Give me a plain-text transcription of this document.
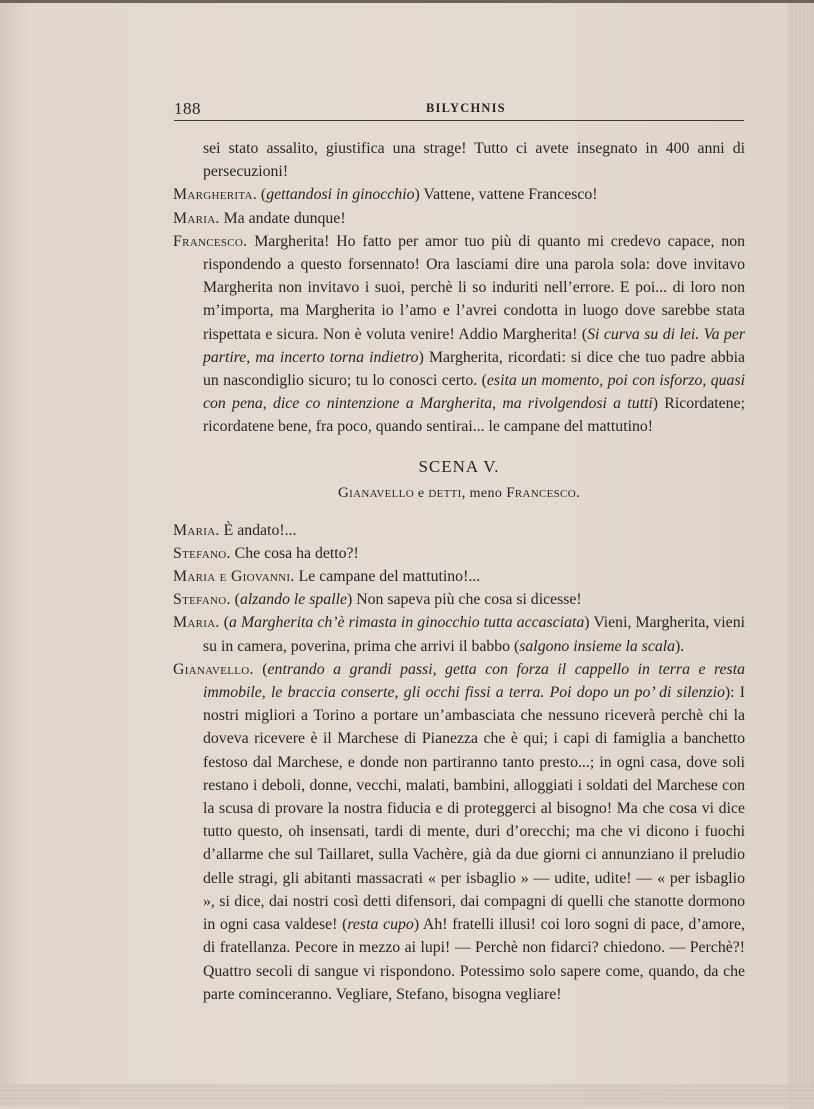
188	BILYCHNIS

sei stato assalito, giustifica una strage! Tutto ci avete insegnato in 400 anni di persecuzioni!

Margherita. (gettandosi in ginocchio) Vattene, vattene Francesco!

Maria. Ma andate dunque!

Francesco. Margherita! Ho fatto per amor tuo più di quanto mi credevo capace, non rispondendo a questo forsennato! Ora lasciami dire una parola sola: dove invitavo Margherita non invitavo i suoi, perchè li so induriti nell’errore. E poi... di loro non m’importa, ma Margherita io l’amo e l’avrei condotta in luogo dove sarebbe stata rispettata e sicura. Non è voluta venire! Addio Margherita! (Si curva su di lei. Va per partire, ma incerto torna indietro) Margherita, ricordati: si dice che tuo padre abbia un nascondiglio sicuro; tu lo conosci certo. (esita un momento, poi con isforzo, quasi con pena, dice co nintenzione a Margherita, ma rivolgendosi a tutti) Ricordatene; ricordatene bene, fra poco, quando sentirai... le campane del mattutino!

SCENA V.
Gianavello e detti, meno Francesco.

Maria. È andato!...

Stefano. Che cosa ha detto?!

Maria e Giovanni. Le campane del mattutino!...

Stefano. (alzando le spalle) Non sapeva più che cosa si dicesse!

Maria. (a Margherita ch’è rimasta in ginocchio tutta accasciata) Vieni, Margherita, vieni su in camera, poverina, prima che arrivi il babbo (salgono insieme la scala).

Gianavello. (entrando a grandi passi, getta con forza il cappello in terra e resta immobile, le braccia conserte, gli occhi fissi a terra. Poi dopo un po’ di silenzio): I nostri migliori a Torino a portare un’ambasciata che nessuno riceverà perchè chi la doveva ricevere è il Marchese di Pianezza che è qui; i capi di famiglia a banchetto festoso dal Marchese, e donde non partiranno tanto presto...; in ogni casa, dove soli restano i deboli, donne, vecchi, malati, bambini, alloggiati i soldati del Marchese con la scusa di provare la nostra fiducia e di proteggerci al bisogno! Ma che cosa vi dice tutto questo, oh insensati, tardi di mente, duri d’orecchi; ma che vi dicono i fuochi d’allarme che sul Taillaret, sulla Vachère, già da due giorni ci annunziano il preludio delle stragi, gli abitanti massacrati « per isbaglio » — udite, udite! — « per isbaglio », si dice, dai nostri così detti difensori, dai compagni di quelli che stanotte dormono in ogni casa valdese! (resta cupo) Ah! fratelli illusi! coi loro sogni di pace, d’amore, di fratellanza. Pecore in mezzo ai lupi! — Perchè non fidarci? chiedono. — Perchè?! Quattro secoli di sangue vi rispondono. Potessimo solo sapere come, quando, da che parte cominceranno. Vegliare, Stefano, bisogna vegliare!
